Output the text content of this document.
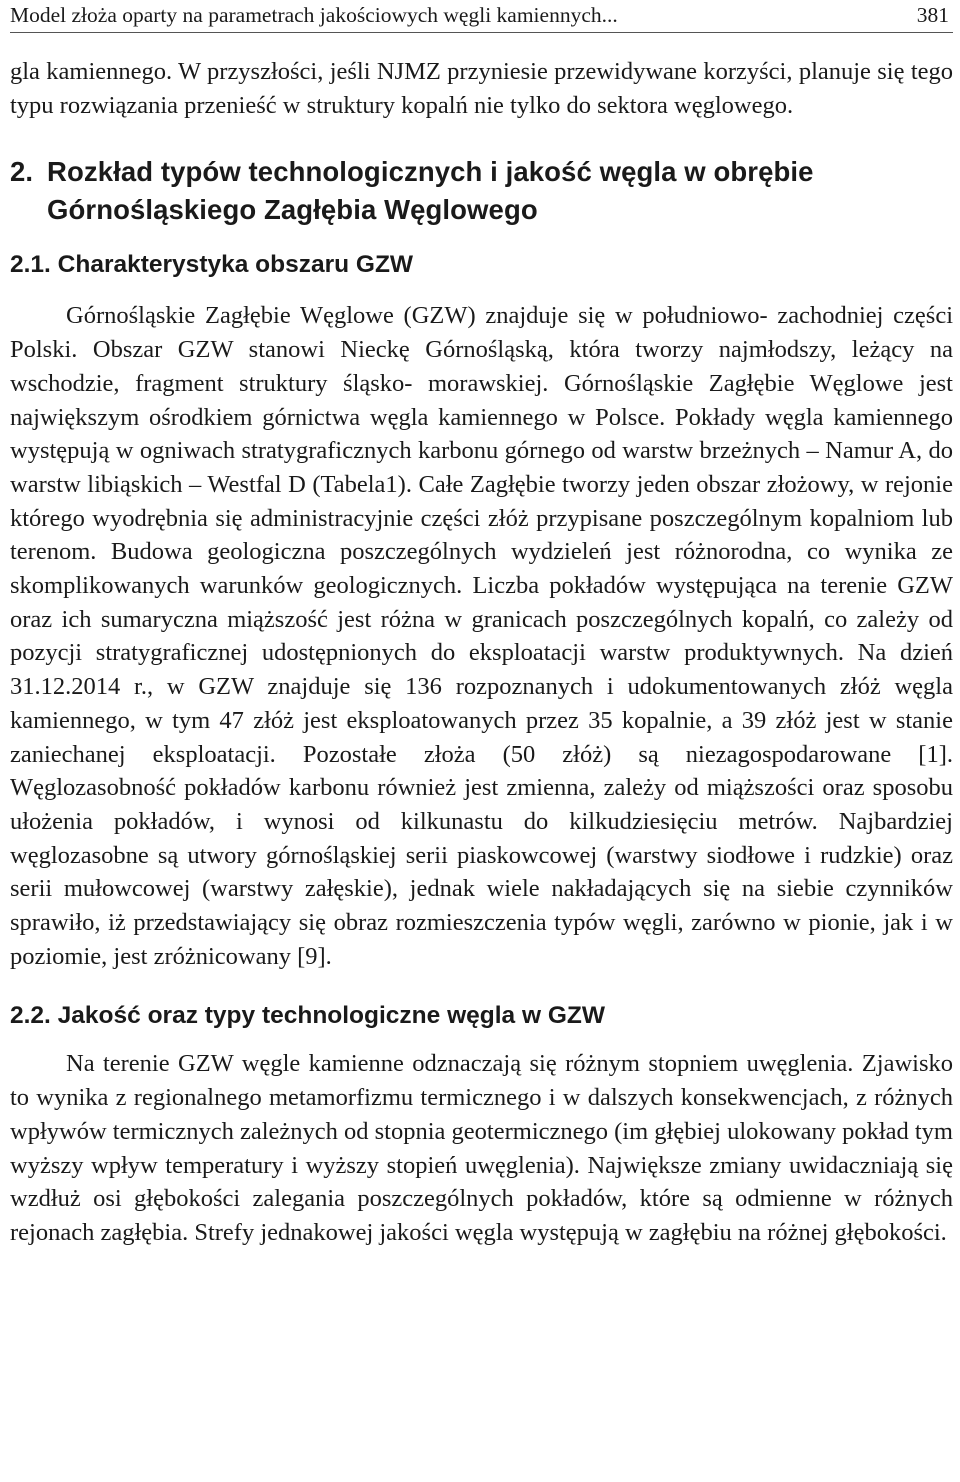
Model złoża oparty na parametrach jakościowych węgli kamiennych...	381

gla kamiennego. W przyszłości, jeśli NJMZ przyniesie przewidywane korzyści, planuje się tego typu rozwiązania przenieść w struktury kopalń nie tylko do sektora węglowego.

2. Rozkład typów technologicznych i jakość węgla w obrębie
Górnośląskiego Zagłębia Węglowego
2.1. Charakterystyka obszaru GZW

Górnośląskie Zagłębie Węglowe (GZW) znajduje się w południowo- zachodniej części Polski. Obszar GZW stanowi Nieckę Górnośląską, która tworzy najmłodszy, leżący na wschodzie, fragment struktury śląsko- morawskiej. Górnośląskie Zagłębie Węglowe jest największym ośrodkiem górnictwa węgla kamiennego w Polsce. Pokłady węgla kamiennego występują w ogniwach stratygraficznych karbonu górnego od warstw brzeżnych – Namur A, do warstw libiąskich – Westfal D (Tabela1). Całe Zagłębie tworzy jeden obszar złożowy, w rejonie którego wyodrębnia się administracyjnie części złóż przypisane poszczególnym kopalniom lub terenom. Budowa geologiczna poszczególnych wydzieleń jest różnorodna, co wynika ze skomplikowanych warunków geologicznych. Liczba pokładów występująca na terenie GZW oraz ich sumaryczna miąższość jest różna w granicach poszczególnych kopalń, co zależy od pozycji stratygraficznej udostępnionych do eksploatacji warstw produktywnych. Na dzień 31.12.2014 r., w GZW znajduje się 136 rozpoznanych i udokumentowanych złóż węgla kamiennego, w tym 47 złóż jest eksploatowanych przez 35 kopalnie, a 39 złóż jest w stanie zaniechanej eksploatacji. Pozostałe złoża (50 złóż) są niezagospodarowane [1]. Węglozasobność pokładów karbonu również jest zmienna, zależy od miąższości oraz sposobu ułożenia pokładów, i wynosi od kilkunastu do kilkudziesięciu metrów. Najbardziej węglozasobne są utwory górnośląskiej serii piaskowcowej (warstwy siodłowe i rudzkie) oraz serii mułowcowej (warstwy załęskie), jednak wiele nakładających się na siebie czynników sprawiło, iż przedstawiający się obraz rozmieszczenia typów węgli, zarówno w pionie, jak i w poziomie, jest zróżnicowany [9].

2.2. Jakość oraz typy technologiczne węgla w GZW

Na terenie GZW węgle kamienne odznaczają się różnym stopniem uwęglenia. Zjawisko to wynika z regionalnego metamorfizmu termicznego i w dalszych konsekwencjach, z różnych wpływów termicznych zależnych od stopnia geotermicznego (im głębiej ulokowany pokład tym wyższy wpływ temperatury i wyższy stopień uwęglenia). Największe zmiany uwidaczniają się wzdłuż osi głębokości zalegania poszczególnych pokładów, które są odmienne w różnych rejonach zagłębia. Strefy jednakowej jakości węgla występują w zagłębiu na różnej głębokości.
